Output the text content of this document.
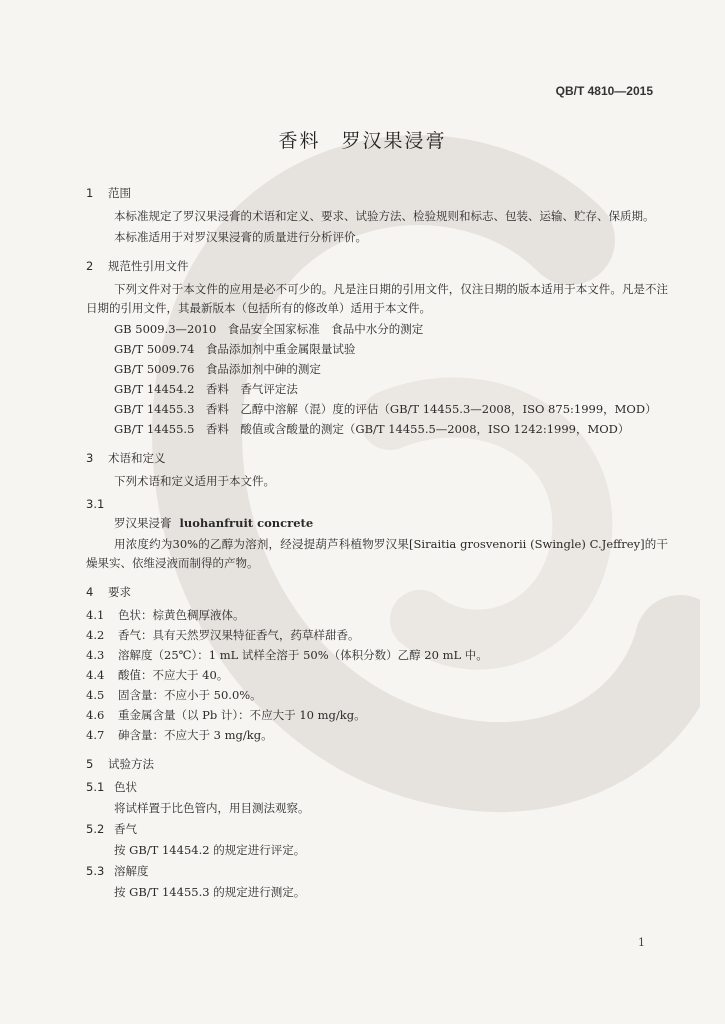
QB/T 4810—2015
香料　罗汉果浸膏
1 范围
本标准规定了罗汉果浸膏的术语和定义、要求、试验方法、检验规则和标志、包装、运输、贮存、保质期。
本标准适用于对罗汉果浸膏的质量进行分析评价。
2 规范性引用文件
下列文件对于本文件的应用是必不可少的。凡是注日期的引用文件，仅注日期的版本适用于本文件。凡是不注日期的引用文件，其最新版本（包括所有的修改单）适用于本文件。
GB 5009.3—2010　食品安全国家标准　食品中水分的测定
GB/T 5009.74　食品添加剂中重金属限量试验
GB/T 5009.76　食品添加剂中砷的测定
GB/T 14454.2　香料　香气评定法
GB/T 14455.3　香料　乙醇中溶解（混）度的评估（GB/T 14455.3—2008，ISO 875:1999，MOD）
GB/T 14455.5　香料　酸值或含酸量的测定（GB/T 14455.5—2008，ISO 1242:1999，MOD）
3 术语和定义
下列术语和定义适用于本文件。
3.1
罗汉果浸膏 luohanfruit concrete
用浓度约为30%的乙醇为溶剂，经浸提葫芦科植物罗汉果[Siraitia grosvenorii (Swingle) C.Jeffrey]的干燥果实、依维浸液而制得的产物。
4 要求
4.1 色状：棕黄色稠厚液体。
4.2 香气：具有天然罗汉果特征香气，药草样甜香。
4.3 溶解度（25℃）：1 mL 试样全溶于 50%（体积分数）乙醇 20 mL 中。
4.4 酸值：不应大于 40。
4.5 固含量：不应小于 50.0%。
4.6 重金属含量（以 Pb 计）：不应大于 10 mg/kg。
4.7 砷含量：不应大于 3 mg/kg。
5 试验方法
5.1 色状
将试样置于比色管内，用目测法观察。
5.2 香气
按 GB/T 14454.2 的规定进行评定。
5.3 溶解度
按 GB/T 14455.3 的规定进行测定。
1
